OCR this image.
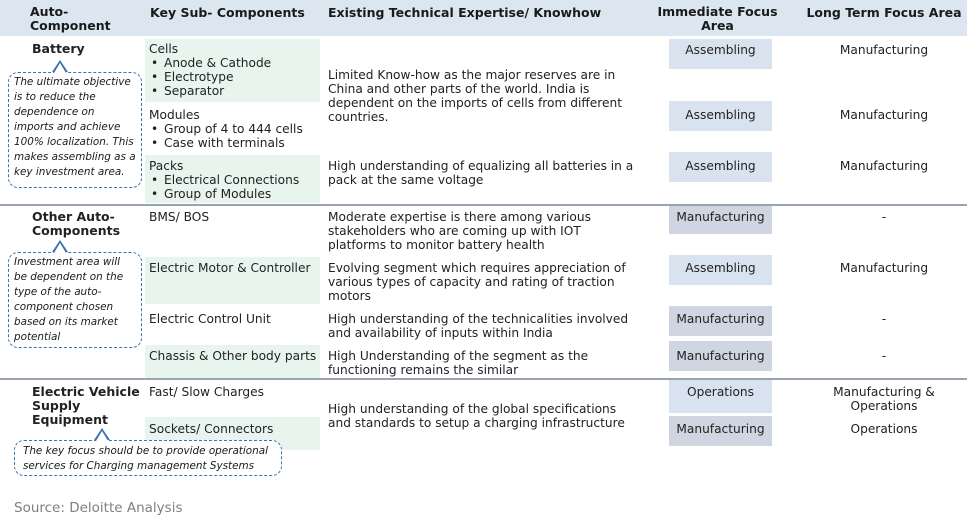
Auto-
Component
Key Sub- Components Existing Technical Expertise/ Knowhow	Immediate Focus Area
Long Term Focus Area
Battery	Cells
• Anode & Cathode
• Electrotype
• Separator
Modules
• Group of 4 to 444 cells
• Case with terminals
Packs
• Electrical Connections
• Group of Modules
Limited Know-how as the major reserves are in China and other parts of the world. India is dependent on the imports of cells from different countries.
High understanding of equalizing all batteries in a pack at the same voltage
Assembling
Assembling
Assembling
Manufacturing
Manufacturing
Manufacturing
The ultimate objective is to reduce the dependence on imports and achieve 100% localization. This makes assembling as a key investment area.
Other Auto-
Components
BMS/ BOS
Electric Motor & Controller
Electric Control Unit
Chassis & Other body parts
Moderate expertise is there among various stakeholders who are coming up with IOT platforms to monitor battery health
Evolving segment which requires appreciation of various types of capacity and rating of traction motors
High understanding of the technicalities involved and availability of inputs within India
High Understanding of the segment as the functioning remains the similar
Manufacturing
Assembling
Manufacturing
Manufacturing
-
Manufacturing
-
-
Investment area will be dependent on the type of the auto-component chosen based on its market potential
Electric Vehicle Supply Equipment
Fast/ Slow Charges
Sockets/ Connectors
High understanding of the global specifications and standards to setup a charging infrastructure
Operations
Manufacturing
Manufacturing & Operations
Operations
The key focus should be to provide operational services for Charging management Systems
Source: Deloitte Analysis
